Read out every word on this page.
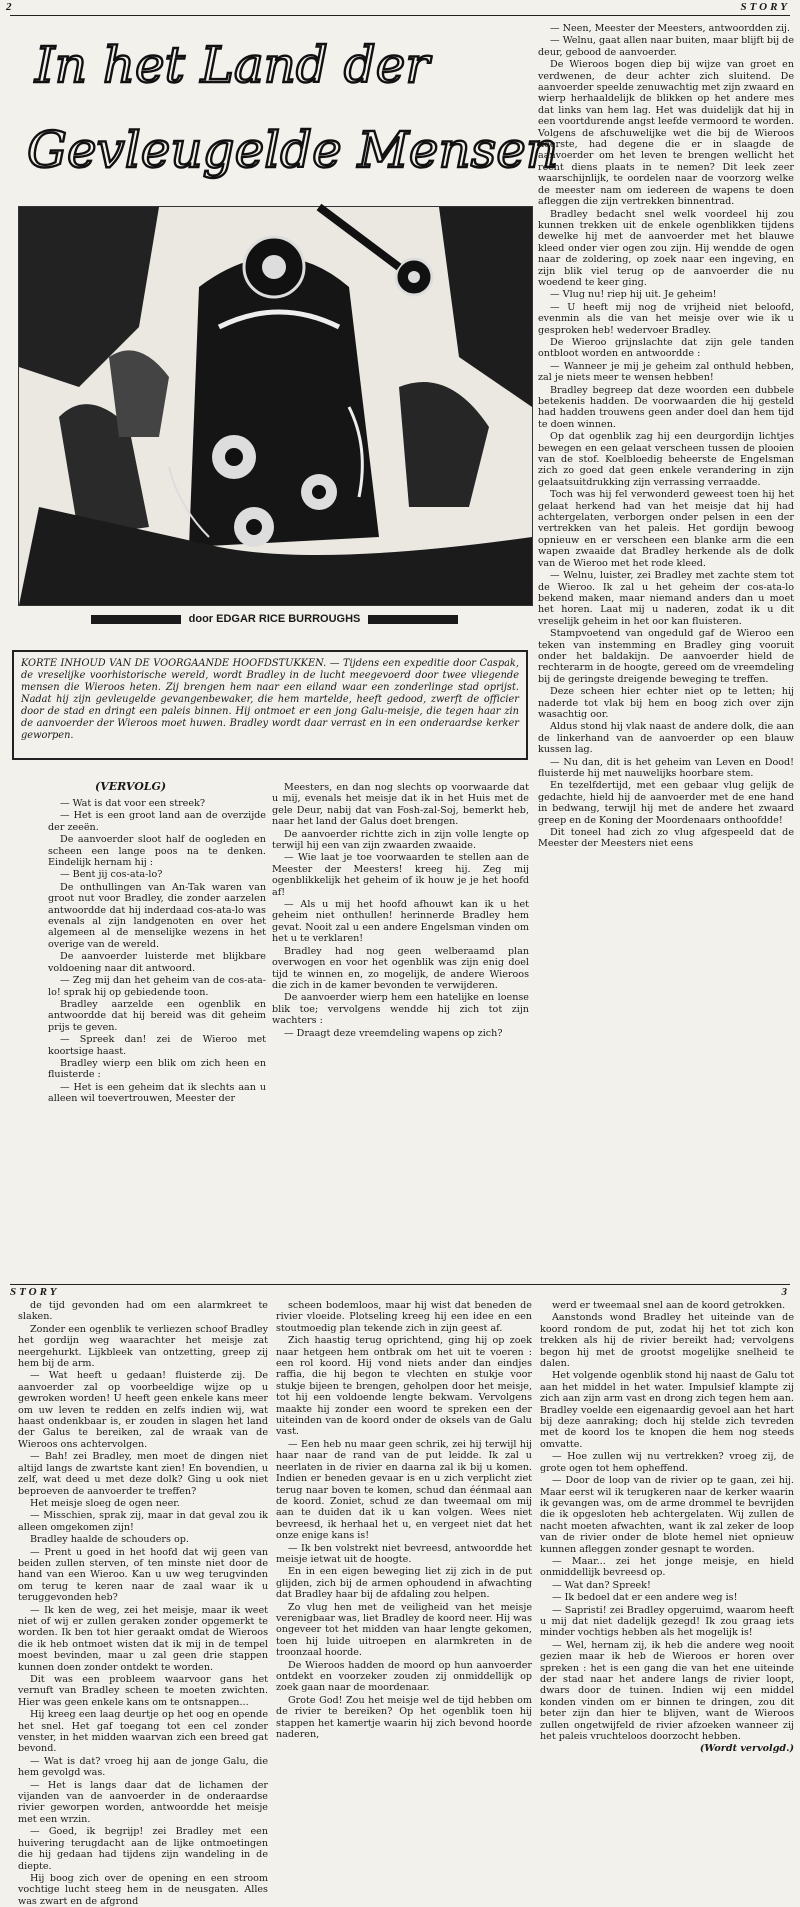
2	STORY
In het Land der
Gevleugelde Mensen
door EDGAR RICE BURROUGHS
KORTE INHOUD VAN DE VOORGAANDE HOOFDSTUKKEN. — Tijdens een expeditie door Caspak, de vreselijke voorhistorische wereld, wordt Bradley in de lucht meegevoerd door twee vliegende mensen die Wieroos heten. Zij brengen hem naar een eiland waar een zonderlinge stad oprijst. Nadat hij zijn gevleugelde gevangenbewaker, die hem martelde, heeft gedood, zwerft de officier door de stad en dringt een paleis binnen. Hij ontmoet er een jong Galu-meisje, die tegen haar zin de aanvoerder der Wieroos moet huwen. Bradley wordt daar verrast en in een onderaardse kerker geworpen.
(VERVOLG)

— Wat is dat voor een streek?

— Het is een groot land aan de overzijde der zeeën.

De aanvoerder sloot half de oogleden en scheen een lange poos na te denken. Eindelijk hernam hij :

— Bent jij cos-ata-lo?

De onthullingen van An-Tak waren van groot nut voor Bradley, die zonder aarzelen antwoordde dat hij inderdaad cos-ata-lo was evenals al zijn landgenoten en over het algemeen al de menselijke wezens in het overige van de wereld.

De aanvoerder luisterde met blijkbare voldoening naar dit antwoord.

— Zeg mij dan het geheim van de cos-ata-lo! sprak hij op gebiedende toon.

Bradley aarzelde een ogenblik en antwoordde dat hij bereid was dit geheim prijs te geven.

— Spreek dan! zei de Wieroo met koortsige haast.

Bradley wierp een blik om zich heen en fluisterde :

— Het is een geheim dat ik slechts aan u alleen wil toevertrouwen, Meester der

Meesters, en dan nog slechts op voorwaarde dat u mij, evenals het meisje dat ik in het Huis met de gele Deur, nabij dat van Fosh-zal-Soj, bemerkt heb, naar het land der Galus doet brengen.

De aanvoerder richtte zich in zijn volle lengte op terwijl hij een van zijn zwaarden zwaaide.

— Wie laat je toe voorwaarden te stellen aan de Meester der Meesters! kreeg hij. Zeg mij ogenblikkelijk het geheim of ik houw je je het hoofd af!

— Als u mij het hoofd afhouwt kan ik u het geheim niet onthullen! herinnerde Bradley hem gevat. Nooit zal u een andere Engelsman vinden om het u te verklaren!

Bradley had nog geen welberaamd plan overwogen en voor het ogenblik was zijn enig doel tijd te winnen en, zo mogelijk, de andere Wieroos die zich in de kamer bevonden te verwijderen.

De aanvoerder wierp hem een hatelijke en loense blik toe; vervolgens wendde hij zich tot zijn wachters :

— Draagt deze vreemdeling wapens op zich?

— Neen, Meester der Meesters, antwoordden zij.

— Welnu, gaat allen naar buiten, maar blijft bij de deur, gebood de aanvoerder.

De Wieroos bogen diep bij wijze van groet en verdwenen, de deur achter zich sluitend. De aanvoerder speelde zenuwachtig met zijn zwaard en wierp herhaaldelijk de blikken op het andere mes dat links van hem lag. Het was duidelijk dat hij in een voortdurende angst leefde vermoord te worden. Volgens de afschuwelijke wet die bij de Wieroos heerste, had degene die er in slaagde de aanvoerder om het leven te brengen wellicht het recht diens plaats in te nemen? Dit leek zeer waarschijnlijk, te oordelen naar de voorzorg welke de meester nam om iedereen de wapens te doen afleggen die zijn vertrekken binnentrad.

Bradley bedacht snel welk voordeel hij zou kunnen trekken uit de enkele ogenblikken tijdens dewelke hij met de aanvoerder met het blauwe kleed onder vier ogen zou zijn. Hij wendde de ogen naar de zoldering, op zoek naar een ingeving, en zijn blik viel terug op de aanvoerder die nu woedend te keer ging.

— Vlug nu! riep hij uit. Je geheim!

— U heeft mij nog de vrijheid niet beloofd, evenmin als die van het meisje over wie ik u gesproken heb! wedervoer Bradley.

De Wieroo grijnslachte dat zijn gele tanden ontbloot worden en antwoordde :

— Wanneer je mij je geheim zal onthuld hebben, zal je niets meer te wensen hebben!

Bradley begreep dat deze woorden een dubbele betekenis hadden. De voorwaarden die hij gesteld had hadden trouwens geen ander doel dan hem tijd te doen winnen.

Op dat ogenblik zag hij een deurgordijn lichtjes bewegen en een gelaat verscheen tussen de plooien van de stof. Koelbloedig beheerste de Engelsman zich zo goed dat geen enkele verandering in zijn gelaatsuitdrukking zijn verrassing verraadde.

Toch was hij fel verwonderd geweest toen hij het gelaat herkend had van het meisje dat hij had achtergelaten, verborgen onder pelsen in een der vertrekken van het paleis. Het gordijn bewoog opnieuw en er verscheen een blanke arm die een wapen zwaaide dat Bradley herkende als de dolk van de Wieroo met het rode kleed.

— Welnu, luister, zei Bradley met zachte stem tot de Wieroo. Ik zal u het geheim der cos-ata-lo bekend maken, maar niemand anders dan u moet het horen. Laat mij u naderen, zodat ik u dit vreselijk geheim in het oor kan fluisteren.

Stampvoetend van ongeduld gaf de Wieroo een teken van instemming en Bradley ging vooruit onder het baldakijn. De aanvoerder hield de rechterarm in de hoogte, gereed om de vreemdeling bij de geringste dreigende beweging te treffen.

Deze scheen hier echter niet op te letten; hij naderde tot vlak bij hem en boog zich over zijn wasachtig oor.

Aldus stond hij vlak naast de andere dolk, die aan de linkerhand van de aanvoerder op een blauw kussen lag.

— Nu dan, dit is het geheim van Leven en Dood! fluisterde hij met nauwelijks hoorbare stem.

En tezelfdertijd, met een gebaar vlug gelijk de gedachte, hield hij de aanvoerder met de ene hand in bedwang, terwijl hij met de andere het zwaard greep en de Koning der Moordenaars onthoofdde!

Dit toneel had zich zo vlug afgespeeld dat de Meester der Meesters niet eens

STORY	3

de tijd gevonden had om een alarmkreet te slaken.

Zonder een ogenblik te verliezen schoof Bradley het gordijn weg waarachter het meisje zat neergehurkt. Lijkbleek van ontzetting, greep zij hem bij de arm.

— Wat heeft u gedaan! fluisterde zij. De aanvoerder zal op voorbeeldige wijze op u gewroken worden! U heeft geen enkele kans meer om uw leven te redden en zelfs indien wij, wat haast ondenkbaar is, er zouden in slagen het land der Galus te bereiken, zal de wraak van de Wieroos ons achtervolgen.

— Bah! zei Bradley, men moet de dingen niet altijd langs de zwartste kant zien! En bovendien, u zelf, wat deed u met deze dolk? Ging u ook niet beproeven de aanvoerder te treffen?

Het meisje sloeg de ogen neer.

— Misschien, sprak zij, maar in dat geval zou ik alleen omgekomen zijn!

Bradley haalde de schouders op.

— Prent u goed in het hoofd dat wij geen van beiden zullen sterven, of ten minste niet door de hand van een Wieroo. Kan u uw weg terugvinden om terug te keren naar de zaal waar ik u teruggevonden heb?

— Ik ken de weg, zei het meisje, maar ik weet niet of wij er zullen geraken zonder opgemerkt te worden. Ik ben tot hier geraakt omdat de Wieroos die ik heb ontmoet wisten dat ik mij in de tempel moest bevinden, maar u zal geen drie stappen kunnen doen zonder ontdekt te worden.

Dit was een probleem waarvoor gans het vernuft van Bradley scheen te moeten zwichten. Hier was geen enkele kans om te ontsnappen...

Hij kreeg een laag deurtje op het oog en opende het snel. Het gaf toegang tot een cel zonder venster, in het midden waarvan zich een breed gat bevond.

— Wat is dat? vroeg hij aan de jonge Galu, die hem gevolgd was.

— Het is langs daar dat de lichamen der vijanden van de aanvoerder in de onderaardse rivier geworpen worden, antwoordde het meisje met een wrzin.

— Goed, ik begrijp! zei Bradley met een huivering terugdacht aan de lijke ontmoetingen die hij gedaan had tijdens zijn wandeling in de diepte.

Hij boog zich over de opening en een stroom vochtige lucht steeg hem in de neusgaten. Alles was zwart en de afgrond

scheen bodemloos, maar hij wist dat beneden de rivier vloeide. Plotseling kreeg hij een idee en een stoutmoedig plan tekende zich in zijn geest af.

Zich haastig terug oprichtend, ging hij op zoek naar hetgeen hem ontbrak om het uit te voeren : een rol koord. Hij vond niets ander dan eindjes raffia, die hij begon te vlechten en stukje voor stukje bijeen te brengen, geholpen door het meisje, tot hij een voldoende lengte bekwam. Vervolgens maakte hij zonder een woord te spreken een der uiteinden van de koord onder de oksels van de Galu vast.

— Een heb nu maar geen schrik, zei hij terwijl hij haar naar de rand van de put leidde. Ik zal u neerlaten in de rivier en daarna zal ik bij u komen. Indien er beneden gevaar is en u zich verplicht ziet terug naar boven te komen, schud dan éénmaal aan de koord. Zoniet, schud ze dan tweemaal om mij aan te duiden dat ik u kan volgen. Wees niet bevreesd, ik herhaal het u, en vergeet niet dat het onze enige kans is!

— Ik ben volstrekt niet bevreesd, antwoordde het meisje ietwat uit de hoogte.

En in een eigen beweging liet zij zich in de put glijden, zich bij de armen ophoudend in afwachting dat Bradley haar bij de afdaling zou helpen.

Zo vlug hen met de veiligheid van het meisje verenigbaar was, liet Bradley de koord neer. Hij was ongeveer tot het midden van haar lengte gekomen, toen hij luide uitroepen en alarmkreten in de troonzaal hoorde.

De Wieroos hadden de moord op hun aanvoerder ontdekt en voorzeker zouden zij onmiddellijk op zoek gaan naar de moordenaar.

Grote God! Zou het meisje wel de tijd hebben om de rivier te bereiken? Op het ogenblik toen hij stappen het kamertje waarin hij zich bevond hoorde naderen,

werd er tweemaal snel aan de koord getrokken.

Aanstonds wond Bradley het uiteinde van de koord rondom de put, zodat hij het tot zich kon trekken als hij de rivier bereikt had; vervolgens begon hij met de grootst mogelijke snelheid te dalen.

Het volgende ogenblik stond hij naast de Galu tot aan het middel in het water. Impulsief klampte zij zich aan zijn arm vast en drong zich tegen hem aan. Bradley voelde een eigenaardig gevoel aan het hart bij deze aanraking; doch hij stelde zich tevreden met de koord los te knopen die hem nog steeds omvatte.

— Hoe zullen wij nu vertrekken? vroeg zij, de grote ogen tot hem opheffend.

— Door de loop van de rivier op te gaan, zei hij. Maar eerst wil ik terugkeren naar de kerker waarin ik gevangen was, om de arme drommel te bevrijden die ik opgesloten heb achtergelaten. Wij zullen de nacht moeten afwachten, want ik zal zeker de loop van de rivier onder de blote hemel niet opnieuw kunnen afleggen zonder gesnapt te worden.

— Maar... zei het jonge meisje, en hield onmiddellijk bevreesd op.

— Wat dan? Spreek!

— Ik bedoel dat er een andere weg is!

— Sapristi! zei Bradley opgeruimd, waarom heeft u mij dat niet dadelijk gezegd! Ik zou graag iets minder vochtigs hebben als het mogelijk is!

— Wel, hernam zij, ik heb die andere weg nooit gezien maar ik heb de Wieroos er horen over spreken : het is een gang die van het ene uiteinde der stad naar het andere langs de rivier loopt, dwars door de tuinen. Indien wij een middel konden vinden om er binnen te dringen, zou dit beter zijn dan hier te blijven, want de Wieroos zullen ongetwijfeld de rivier afzoeken wanneer zij het paleis vruchteloos doorzocht hebben.

(Wordt vervolgd.)
